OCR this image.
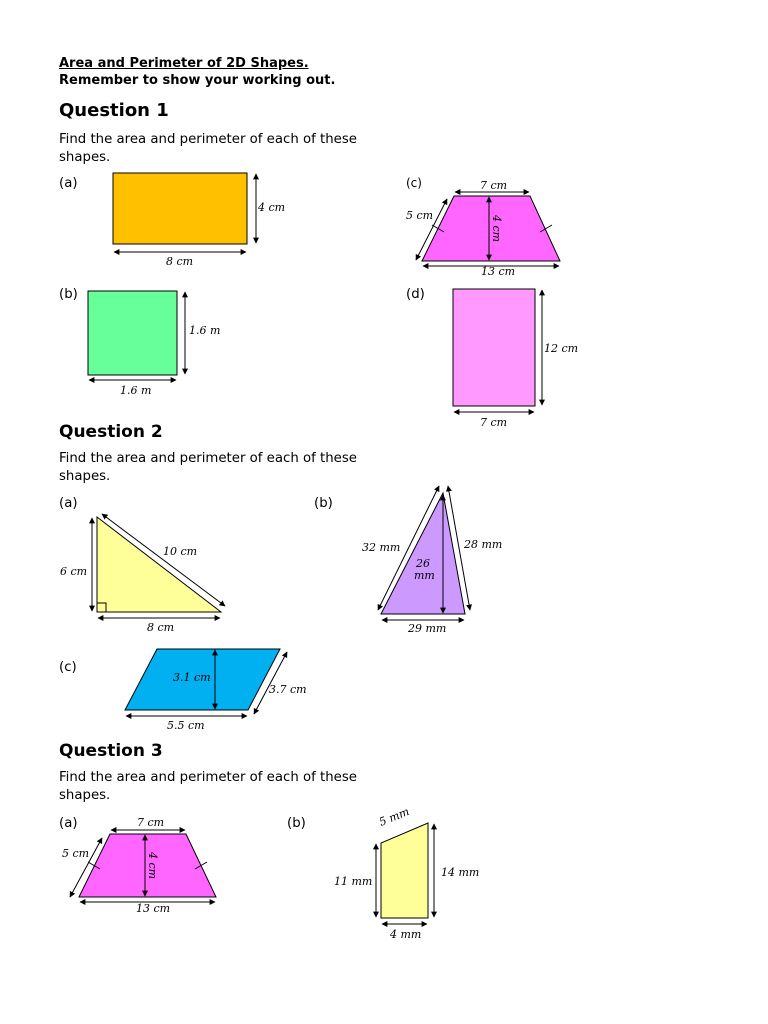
Area and Perimeter of 2D Shapes.
Remember to show your working out.
Question 1
Find the area and perimeter of each of these shapes.
(a)	(c)
(b)	(d)
Question 2
Find the area and perimeter of each of these shapes.
(a)	(b)
(c)
Question 3
Find the area and perimeter of each of these shapes.
(a)	(b)
4 cm
8 cm
7 cm
5 cm	4 cm
13 cm
1.6 m
1.6 m
12 cm
7 cm
6 cm
10 cm
8 cm
32 mm	28 mm
26
mm
29 mm
3.1 cm
3.7 cm
5.5 cm
7 cm
5 cm	4 cm
13 cm
5 mm
11 mm
14 mm
4 mm
